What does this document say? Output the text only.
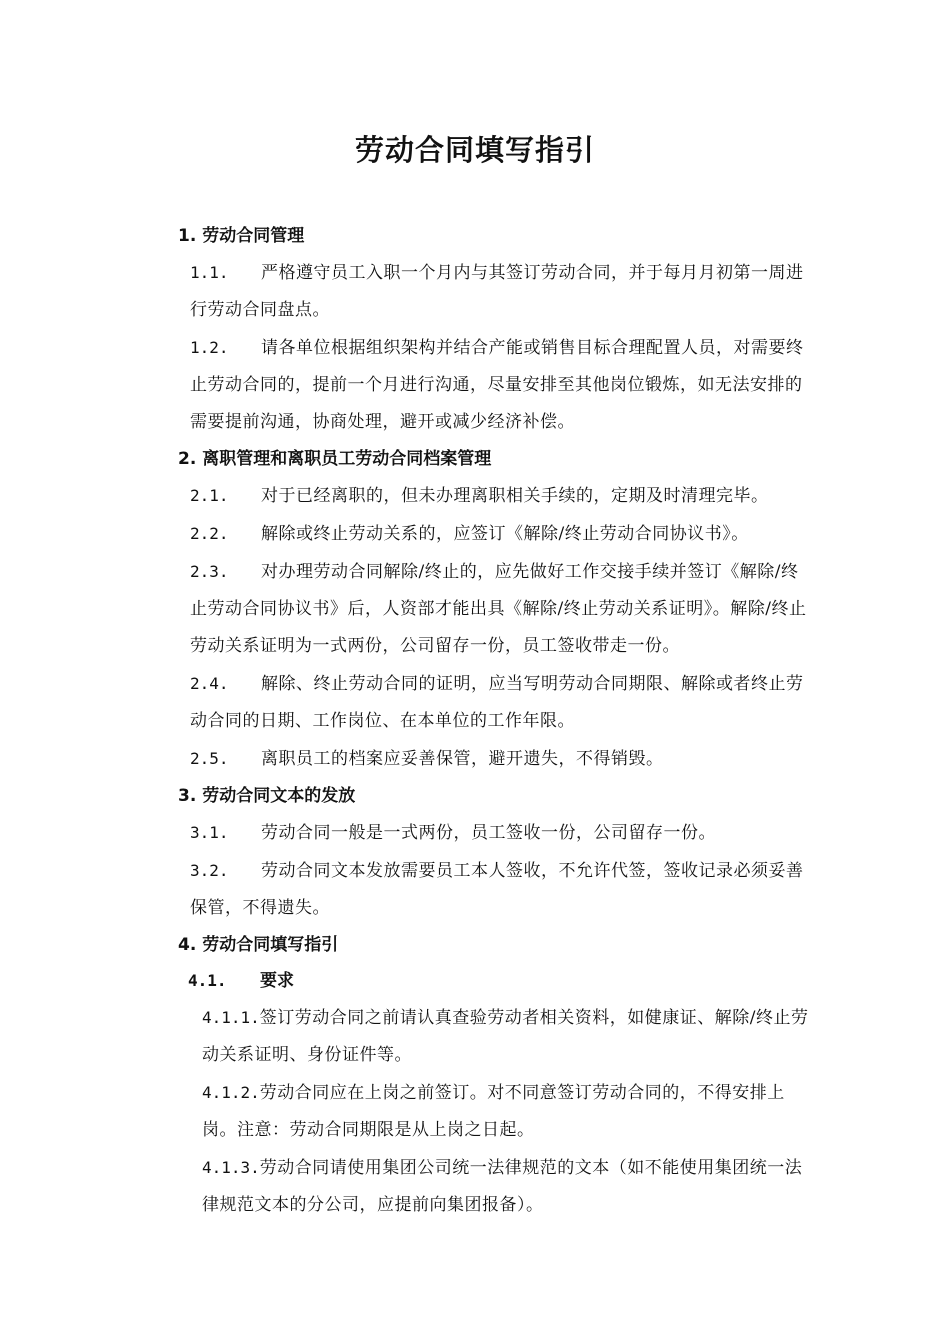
劳动合同填写指引

1. 劳动合同管理

1.1. 严格遵守员工入职一个月内与其签订劳动合同，并于每月月初第一周进行劳动合同盘点。

1.2. 请各单位根据组织架构并结合产能或销售目标合理配置人员，对需要终止劳动合同的，提前一个月进行沟通，尽量安排至其他岗位锻炼，如无法安排的需要提前沟通，协商处理，避开或减少经济补偿。

2. 离职管理和离职员工劳动合同档案管理

2.1. 对于已经离职的，但未办理离职相关手续的，定期及时清理完毕。

2.2. 解除或终止劳动关系的，应签订《解除/终止劳动合同协议书》。

2.3. 对办理劳动合同解除/终止的，应先做好工作交接手续并签订《解除/终止劳动合同协议书》后，人资部才能出具《解除/终止劳动关系证明》。解除/终止劳动关系证明为一式两份，公司留存一份，员工签收带走一份。

2.4. 解除、终止劳动合同的证明，应当写明劳动合同期限、解除或者终止劳动合同的日期、工作岗位、在本单位的工作年限。

2.5. 离职员工的档案应妥善保管，避开遗失，不得销毁。

3. 劳动合同文本的发放

3.1. 劳动合同一般是一式两份，员工签收一份，公司留存一份。

3.2. 劳动合同文本发放需要员工本人签收，不允许代签，签收记录必须妥善保管，不得遗失。

4. 劳动合同填写指引

4.1. 要求

4.1.1.签订劳动合同之前请认真查验劳动者相关资料，如健康证、解除/终止劳动关系证明、身份证件等。

4.1.2.劳动合同应在上岗之前签订。对不同意签订劳动合同的，不得安排上岗。注意：劳动合同期限是从上岗之日起。

4.1.3.劳动合同请使用集团公司统一法律规范的文本（如不能使用集团统一法律规范文本的分公司，应提前向集团报备）。
